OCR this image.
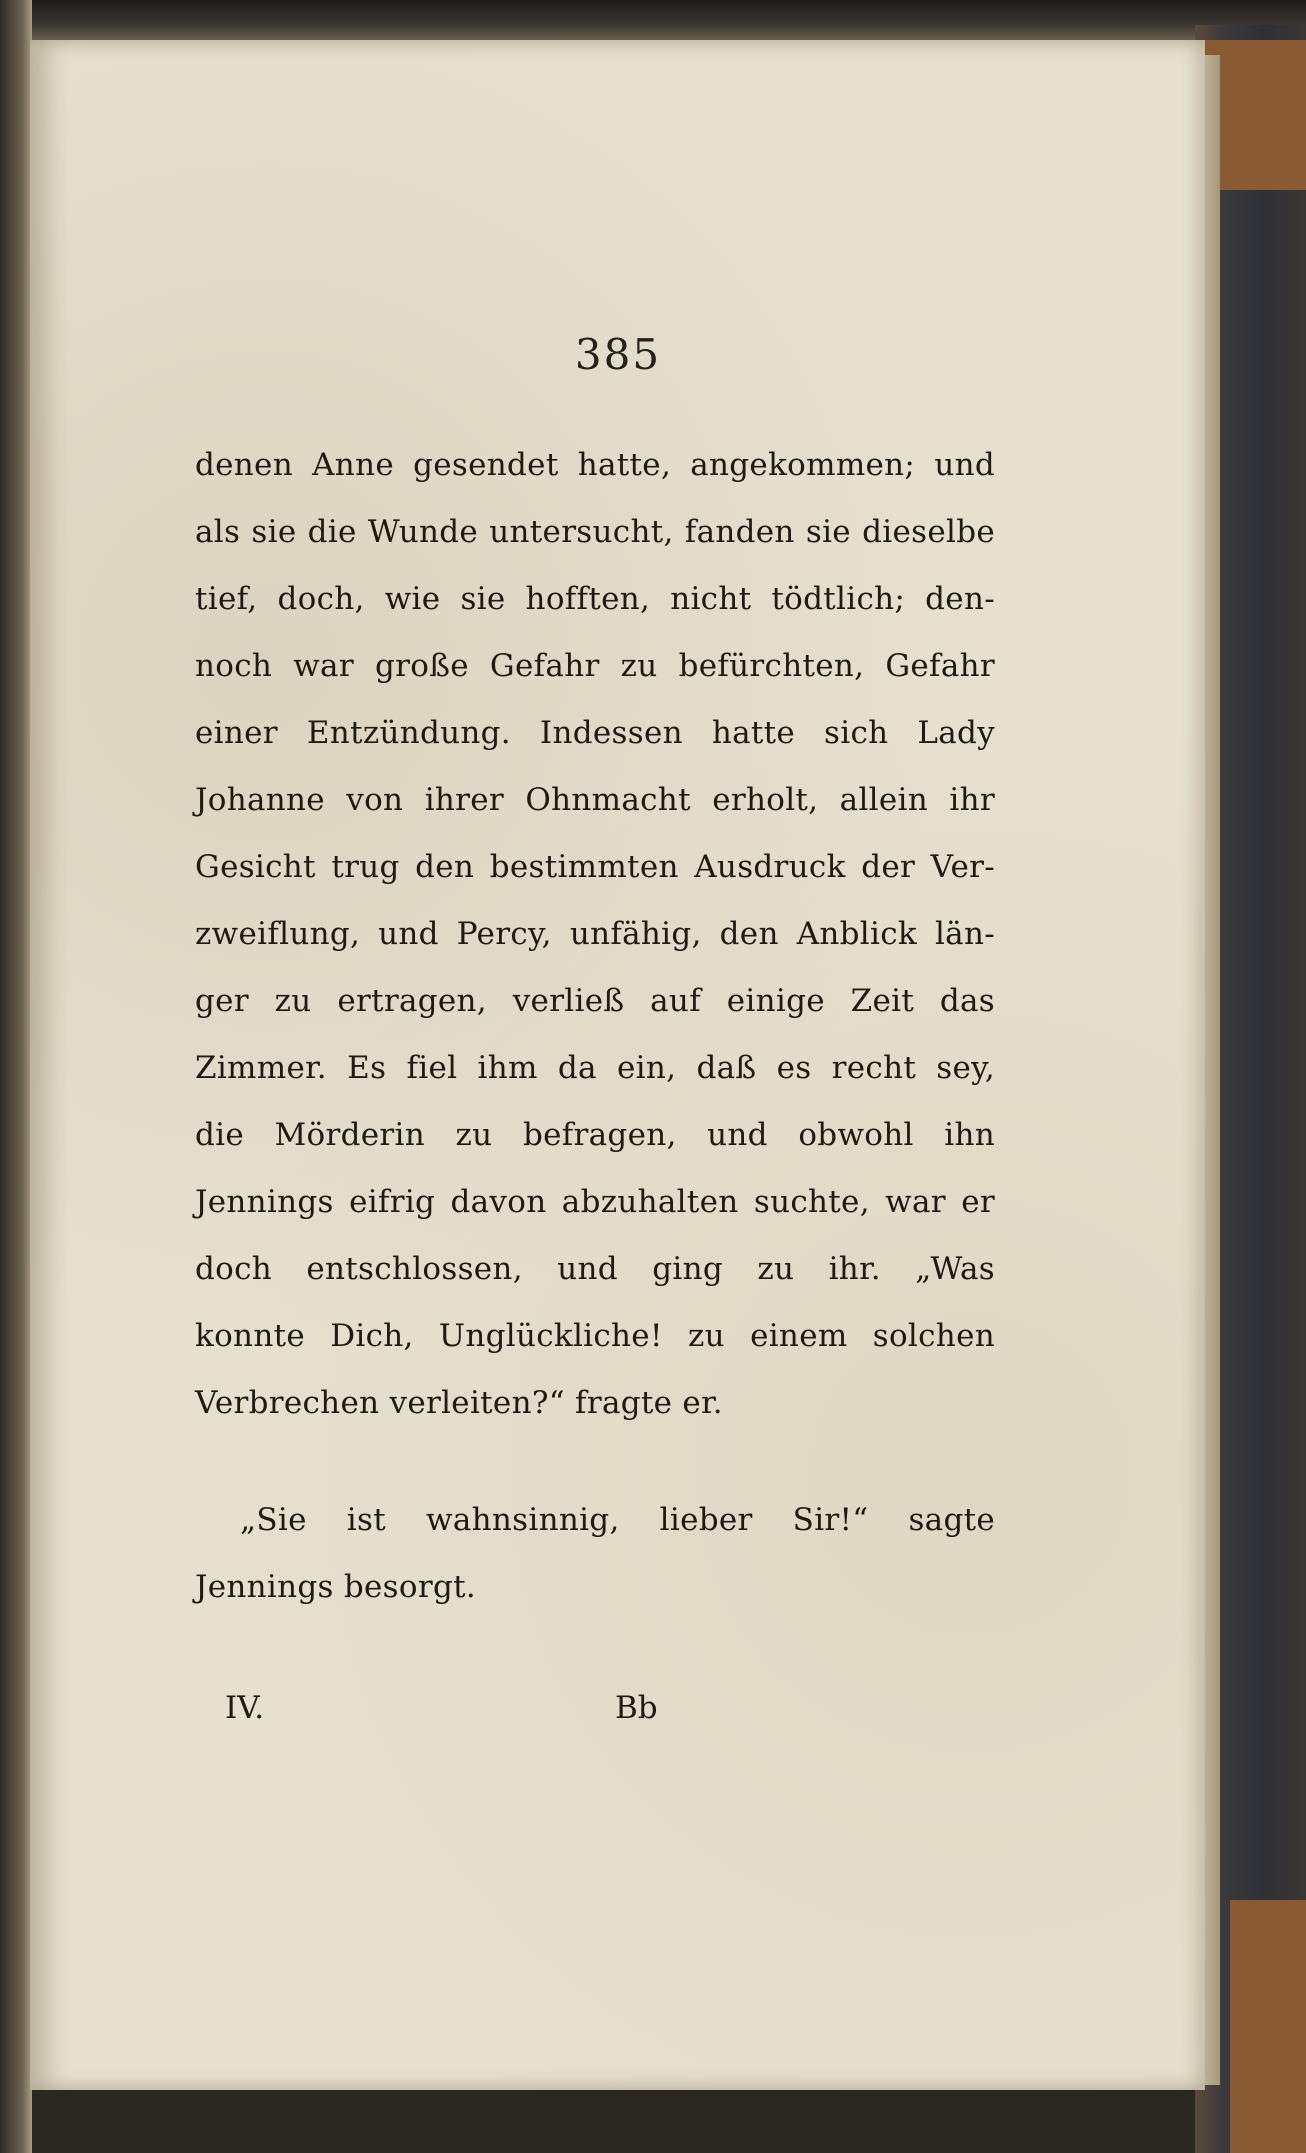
385
denen Anne gesendet hatte, angekommen; und
als sie die Wunde untersucht, fanden sie dieselbe
tief, doch, wie sie hofften, nicht tödtlich; den-
noch war große Gefahr zu befürchten, Gefahr
einer Entzündung. Indessen hatte sich Lady
Johanne von ihrer Ohnmacht erholt, allein ihr
Gesicht trug den bestimmten Ausdruck der Ver-
zweiflung, und Percy, unfähig, den Anblick län-
ger zu ertragen, verließ auf einige Zeit das
Zimmer. Es fiel ihm da ein, daß es recht sey,
die Mörderin zu befragen, und obwohl ihn
Jennings eifrig davon abzuhalten suchte, war er
doch entschlossen, und ging zu ihr. „Was
konnte Dich, Unglückliche! zu einem solchen
Verbrechen verleiten?“ fragte er.
„Sie ist wahnsinnig, lieber Sir!“ sagte
Jennings besorgt.
IV.	Bb
